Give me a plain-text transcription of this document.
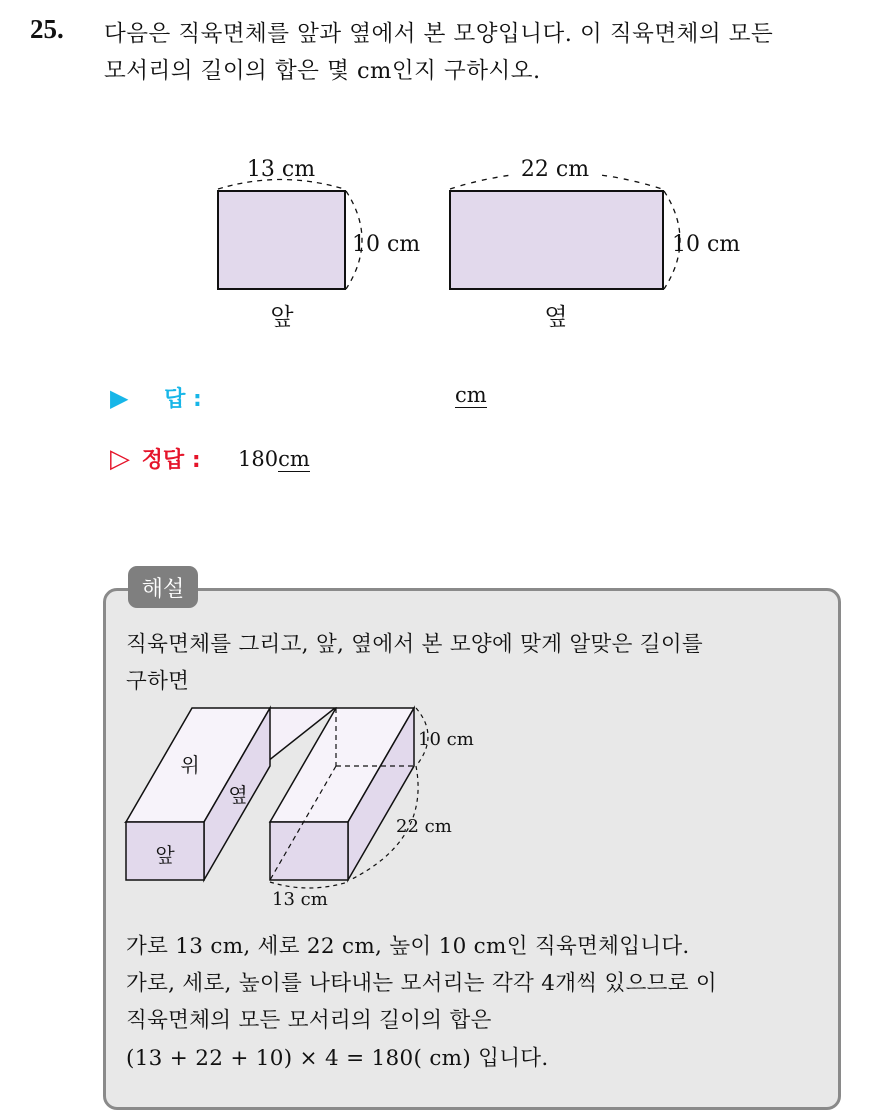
25. 다음은 직육면체를 앞과 옆에서 본 모양입니다. 이 직육면체의 모든
모서리의 길이의 합은 몇 cm인지 구하시오.
13 cm
10 cm
앞
22 cm
10 cm
옆
▶ 답 :	cm
▷ 정답 : 180cm
해설
직육면체를 그리고, 앞, 옆에서 본 모양에 맞게 알맞은 길이를
구하면
위
옆
앞
10 cm
22 cm
13 cm
가로 13 cm, 세로 22 cm, 높이 10 cm인 직육면체입니다.
가로, 세로, 높이를 나타내는 모서리는 각각 4개씩 있으므로 이
직육면체의 모든 모서리의 길이의 합은
(13 + 22 + 10) × 4 = 180( cm) 입니다.
